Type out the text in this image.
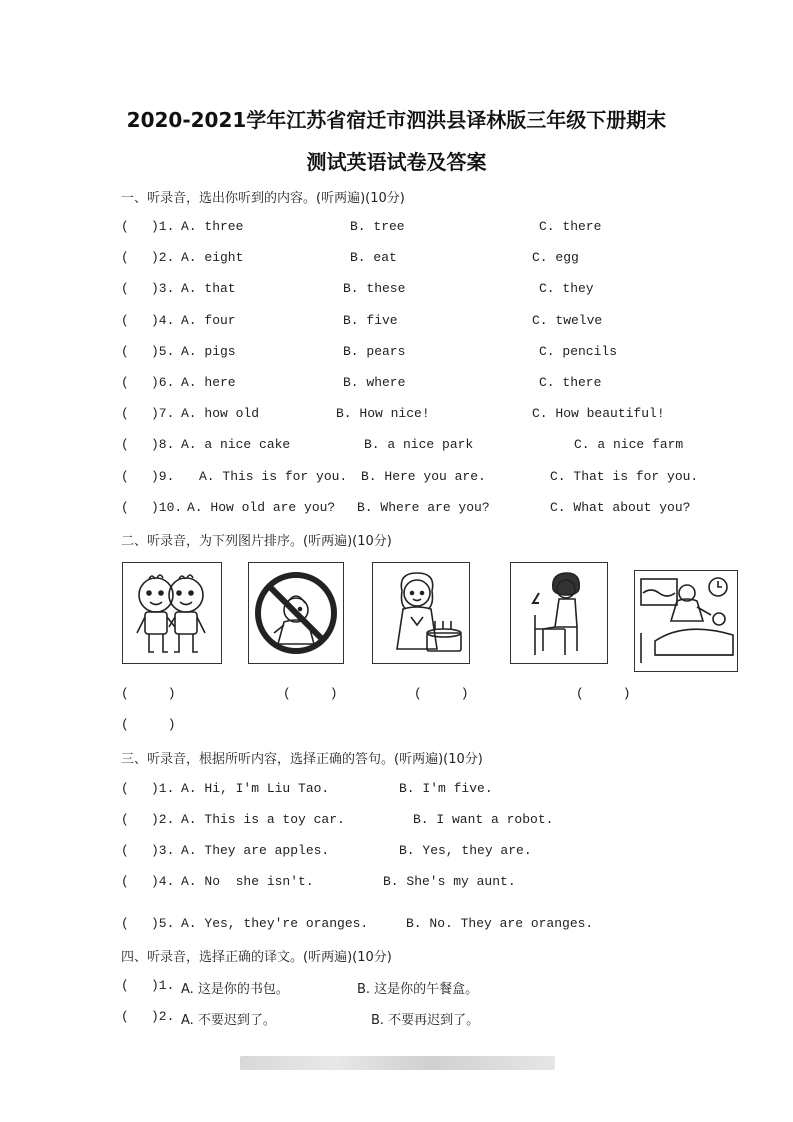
2020-2021学年江苏省宿迁市泗洪县译林版三年级下册期末
测试英语试卷及答案
一、听录音，选出你听到的内容。(听两遍)(10分)
( )1. A. three	B. tree	C. there
( )2. A. eight	B. eat	C. egg
( )3. A. that	B. these	C. they
( )4. A. four	B. five	C. twelve
( )5. A. pigs	B. pears	C. pencils
( )6. A. here	B. where	C. there
( )7. A. how old	B. How nice!	C. How beautiful!
( )8. A. a nice cake	B. a nice park	C. a nice farm
( )9. A. This is for you. B. Here you are.	C. That is for you.
( )10. A. How old are you? B. Where are you?	C. What about you?
二、听录音，为下列图片排序。(听两遍)(10分)
(     )	(     )	(     )	(     )
(     )
三、听录音，根据所听内容，选择正确的答句。(听两遍)(10分)
( )1. A. Hi, I'm Liu Tao.	B. I'm five.
( )2. A. This is a toy car.	B. I want a robot.
( )3. A. They are apples.	B. Yes, they are.
( )4. A. No  she isn't.	B. She's my aunt.
( )5. A. Yes, they're oranges.	B. No. They are oranges.
四、听录音，选择正确的译文。(听两遍)(10分)
( )1. A. 这是你的书包。	B. 这是你的午餐盒。
( )2. A. 不要迟到了。	B. 不要再迟到了。
